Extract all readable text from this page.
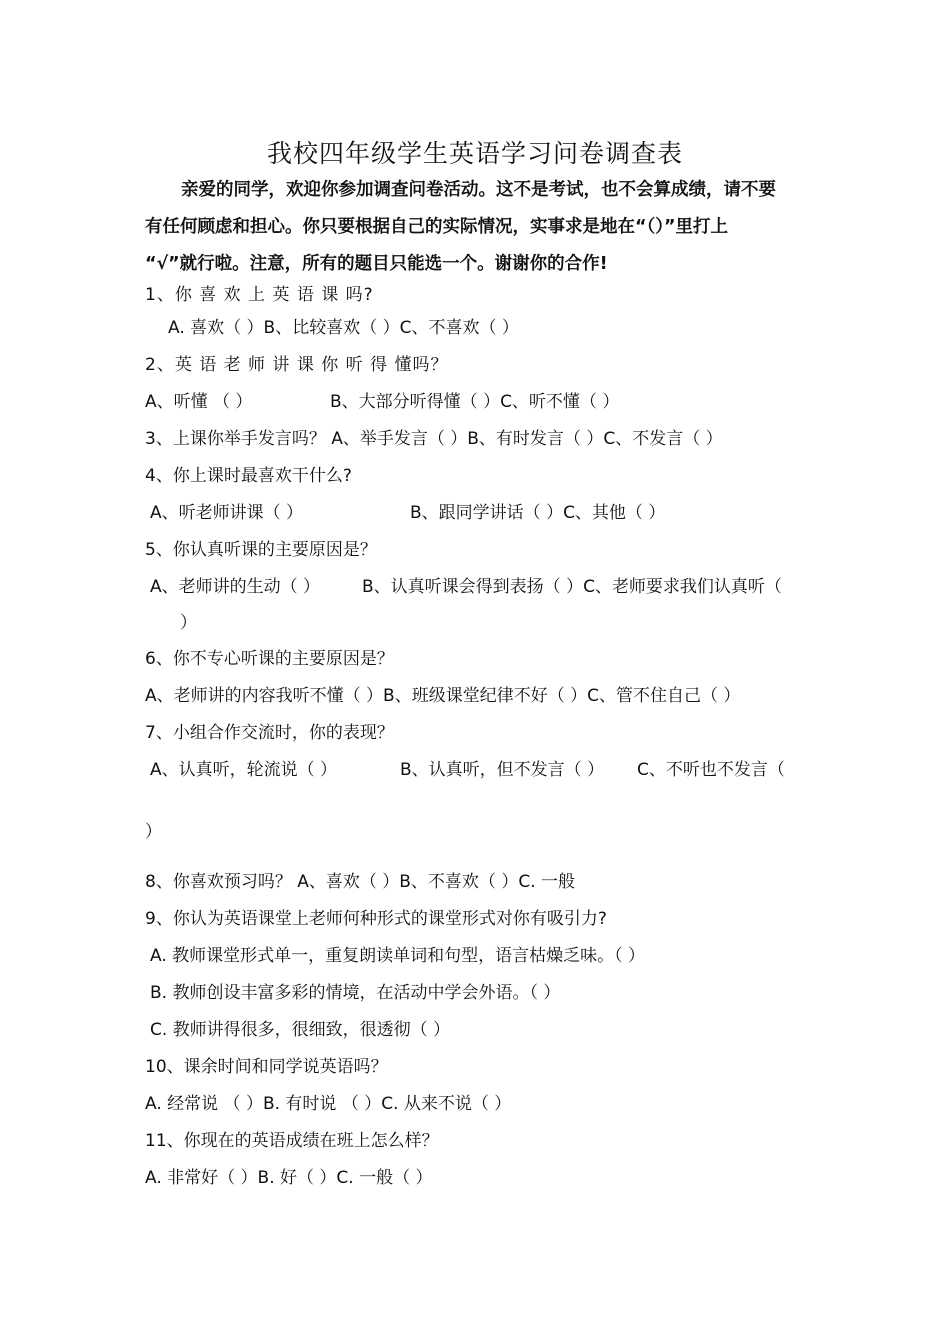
我校四年级学生英语学习问卷调查表
亲爱的同学，欢迎你参加调查问卷活动。这不是考试，也不会算成绩，请不要
有任何顾虑和担心。你只要根据自己的实际情况，实事求是地在“（）”里打上
“√”就行啦。注意，所有的题目只能选一个。谢谢你的合作!
1、你 喜 欢 上 英 语 课 吗?
A. 喜欢（ ）B、比较喜欢（ ）C、不喜欢（ ）
2、英 语 老 师 讲 课 你 听 得 懂吗？
A、听懂 （ ）	B、大部分听得懂（ ）C、听不懂（ ）
3、上课你举手发言吗？ A、举手发言（ ）B、有时发言（ ）C、不发言（ ）
4、你上课时最喜欢干什么?
A、听老师讲课（ ）	B、跟同学讲话（ ）C、其他（ ）
5、你认真听课的主要原因是？
A、老师讲的生动（ ） B、认真听课会得到表扬（ ）C、老师要求我们认真听（
）
6、你不专心听课的主要原因是？
A、老师讲的内容我听不懂（ ）B、班级课堂纪律不好（ ）C、管不住自己（ ）
7、小组合作交流时，你的表现？
A、认真听，轮流说（ ）	B、认真听，但不发言（ ） C、不听也不发言（
）
8、你喜欢预习吗？ A、喜欢（ ）B、不喜欢（ ）C. 一般
9、你认为英语课堂上老师何种形式的课堂形式对你有吸引力?
A. 教师课堂形式单一，重复朗读单词和句型，语言枯燥乏味。（ ）
B. 教师创设丰富多彩的情境，在活动中学会外语。（ ）
C. 教师讲得很多，很细致，很透彻（ ）
10、课余时间和同学说英语吗？
A. 经常说 （ ）B. 有时说 （ ）C. 从来不说（ ）
11、你现在的英语成绩在班上怎么样？
A. 非常好（ ）B. 好（ ）C. 一般（ ）
